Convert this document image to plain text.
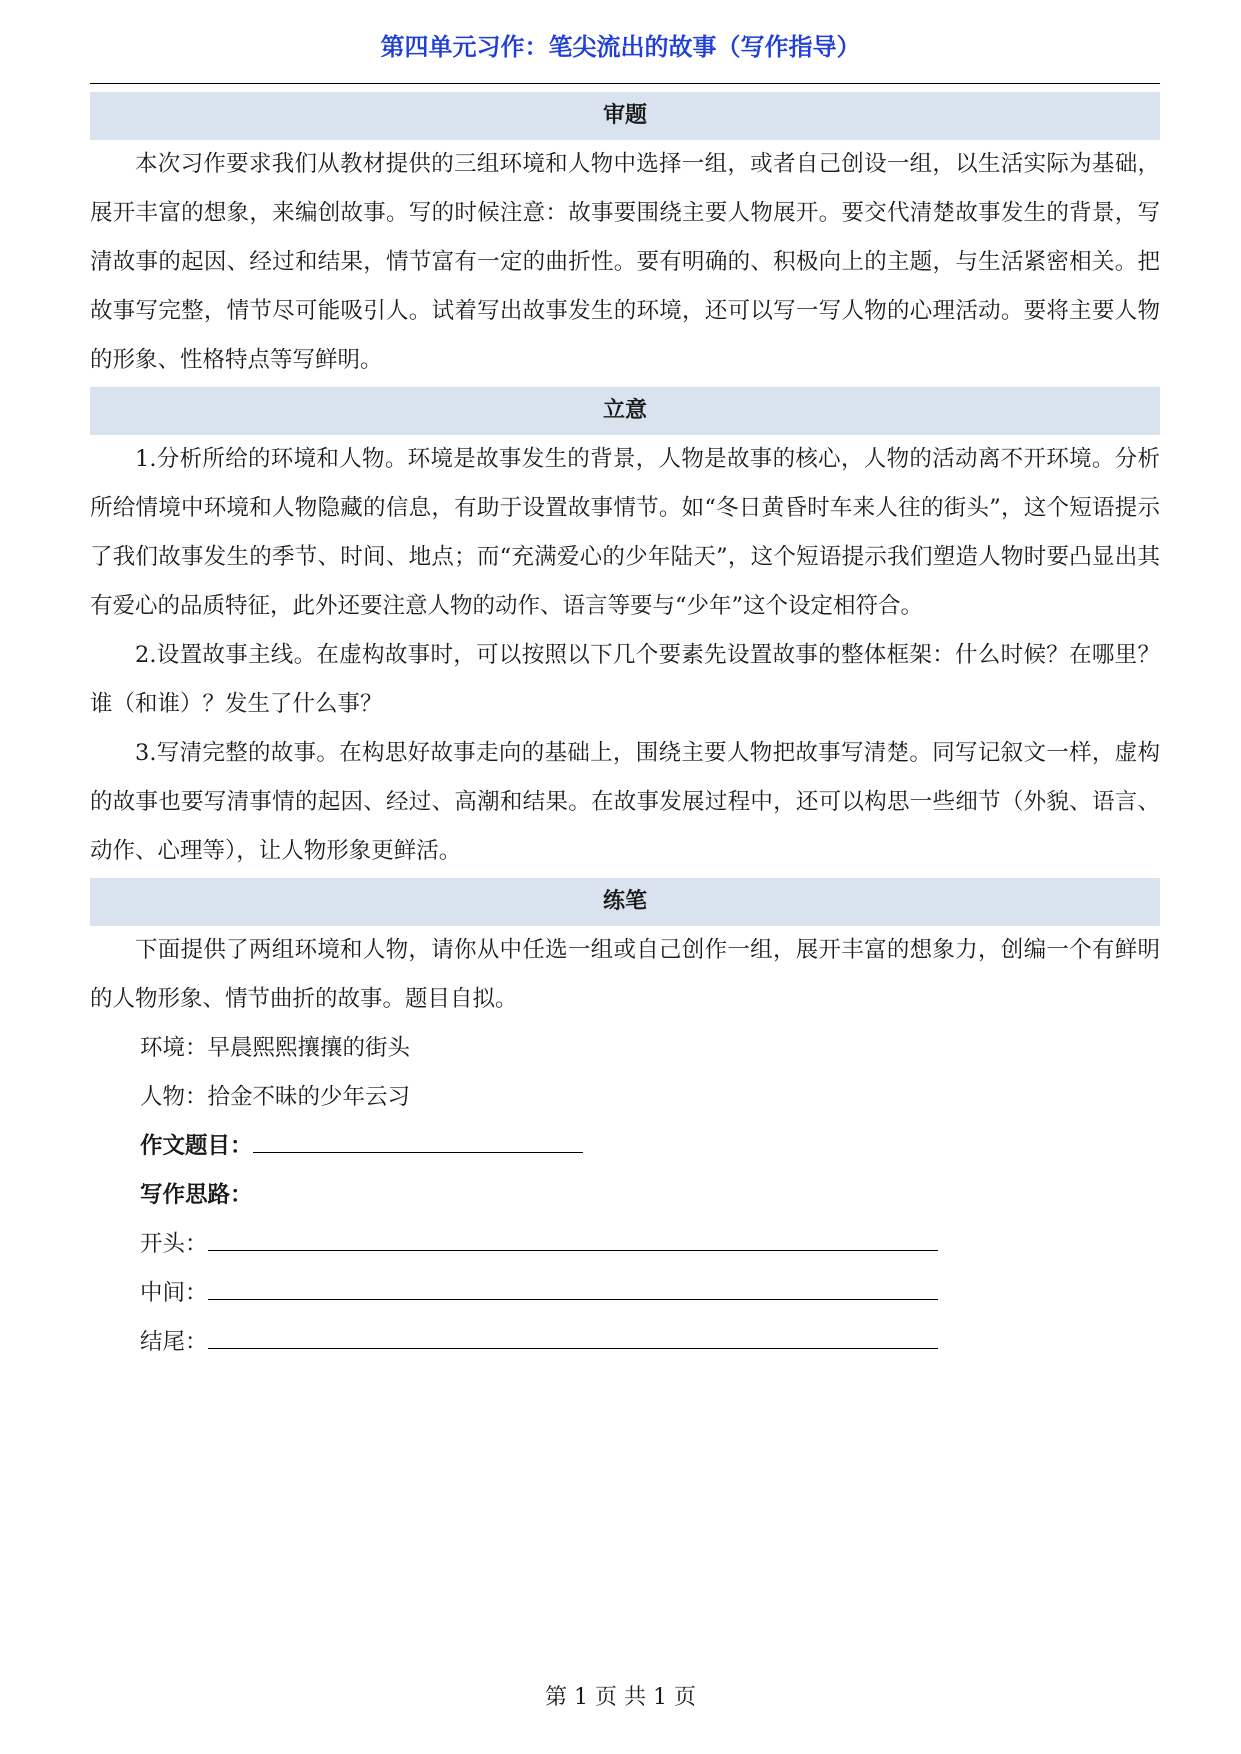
第四单元习作：笔尖流出的故事（写作指导）
审题

本次习作要求我们从教材提供的三组环境和人物中选择一组，或者自己创设一组，以生活实际为基础，展开丰富的想象，来编创故事。写的时候注意：故事要围绕主要人物展开。要交代清楚故事发生的背景，写清故事的起因、经过和结果，情节富有一定的曲折性。要有明确的、积极向上的主题，与生活紧密相关。把故事写完整，情节尽可能吸引人。试着写出故事发生的环境，还可以写一写人物的心理活动。要将主要人物的形象、性格特点等写鲜明。

立意

1.分析所给的环境和人物。环境是故事发生的背景，人物是故事的核心，人物的活动离不开环境。分析所给情境中环境和人物隐藏的信息，有助于设置故事情节。如“冬日黄昏时车来人往的街头”，这个短语提示了我们故事发生的季节、时间、地点；而“充满爱心的少年陆天”，这个短语提示我们塑造人物时要凸显出其有爱心的品质特征，此外还要注意人物的动作、语言等要与“少年”这个设定相符合。

2.设置故事主线。在虚构故事时，可以按照以下几个要素先设置故事的整体框架：什么时候？在哪里？谁（和谁）？发生了什么事？

3.写清完整的故事。在构思好故事走向的基础上，围绕主要人物把故事写清楚。同写记叙文一样，虚构的故事也要写清事情的起因、经过、高潮和结果。在故事发展过程中，还可以构思一些细节（外貌、语言、动作、心理等），让人物形象更鲜活。

练笔

下面提供了两组环境和人物，请你从中任选一组或自己创作一组，展开丰富的想象力，创编一个有鲜明的人物形象、情节曲折的故事。题目自拟。

环境：早晨熙熙攘攘的街头
人物：拾金不昧的少年云习
作文题目：
写作思路：
开头：
中间：
结尾：
第 1 页 共 1 页
